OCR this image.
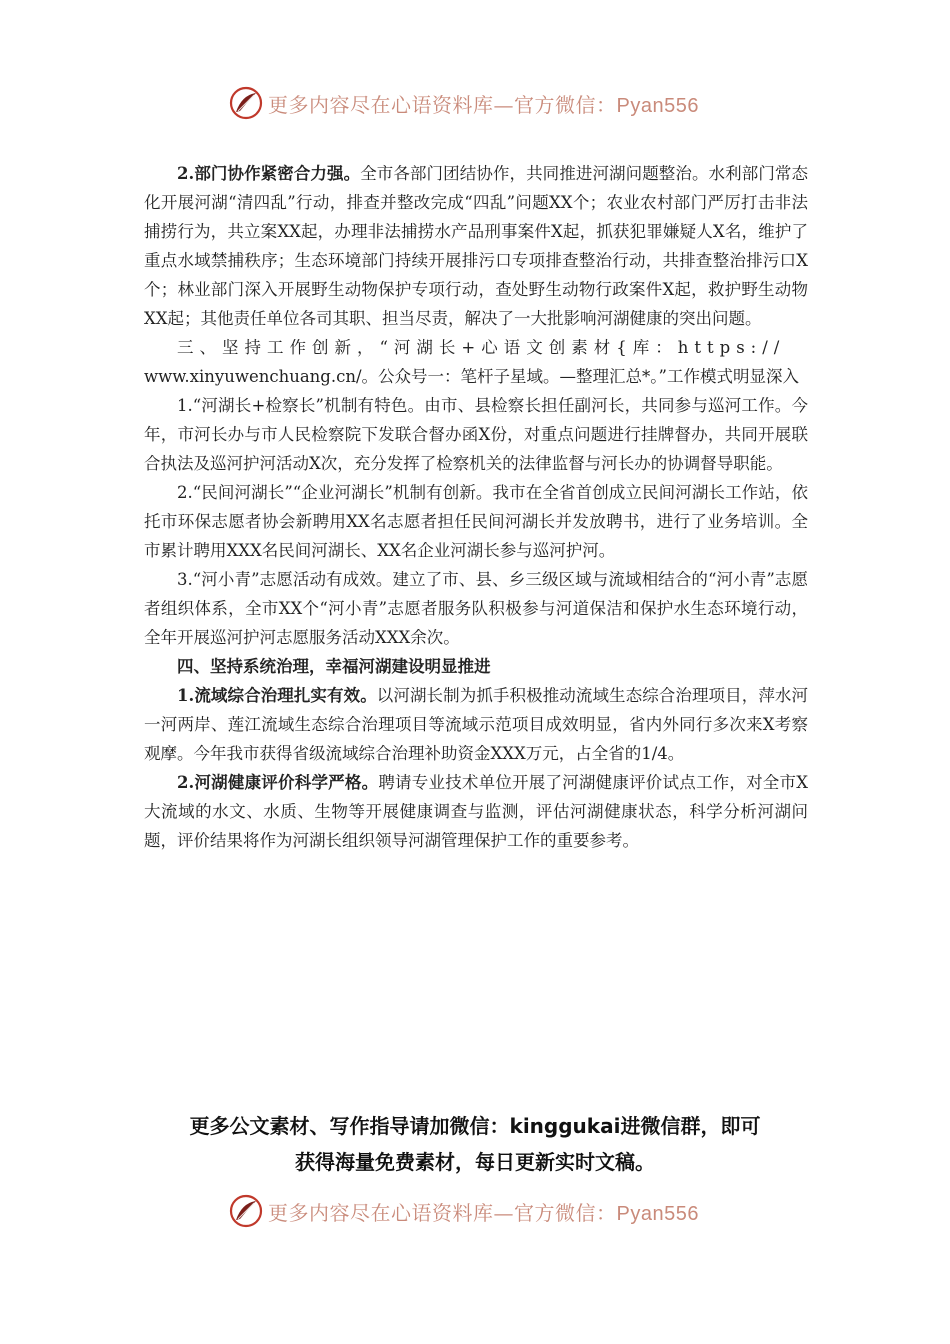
更多内容尽在心语资料库—官方微信：Pyan556

2.部门协作紧密合力强。全市各部门团结协作，共同推进河湖问题整治。水利部门常态化开展河湖“清四乱”行动，排查并整改完成“四乱”问题XX个；农业农村部门严厉打击非法捕捞行为，共立案XX起，办理非法捕捞水产品刑事案件X起，抓获犯罪嫌疑人X名，维护了重点水域禁捕秩序；生态环境部门持续开展排污口专项排查整治行动，共排查整治排污口X个；林业部门深入开展野生动物保护专项行动，查处野生动物行政案件X起，救护野生动物XX起；其他责任单位各司其职、担当尽责，解决了一大批影响河湖健康的突出问题。

三、坚持工作创新，“河湖长+心语文创素材{库：https://

www.xinyuwenchuang.cn/。公众号一：笔杆子星域。—整理汇总*。”工作模式明显深入

1.“河湖长+检察长”机制有特色。由市、县检察长担任副河长，共同参与巡河工作。今年，市河长办与市人民检察院下发联合督办函X份，对重点问题进行挂牌督办，共同开展联合执法及巡河护河活动X次，充分发挥了检察机关的法律监督与河长办的协调督导职能。

2.“民间河湖长”“企业河湖长”机制有创新。我市在全省首创成立民间河湖长工作站，依托市环保志愿者协会新聘用XX名志愿者担任民间河湖长并发放聘书，进行了业务培训。全市累计聘用XXX名民间河湖长、XX名企业河湖长参与巡河护河。

3.“河小青”志愿活动有成效。建立了市、县、乡三级区域与流域相结合的“河小青”志愿者组织体系，全市XX个“河小青”志愿者服务队积极参与河道保洁和保护水生态环境行动，全年开展巡河护河志愿服务活动XXX余次。

四、坚持系统治理，幸福河湖建设明显推进

1.流域综合治理扎实有效。以河湖长制为抓手积极推动流域生态综合治理项目，萍水河一河两岸、莲江流域生态综合治理项目等流域示范项目成效明显，省内外同行多次来X考察观摩。今年我市获得省级流域综合治理补助资金XXX万元，占全省的1/4。

2.河湖健康评价科学严格。聘请专业技术单位开展了河湖健康评价试点工作，对全市X大流域的水文、水质、生物等开展健康调查与监测，评估河湖健康状态，科学分析河湖问题，评价结果将作为河湖长组织领导河湖管理保护工作的重要参考。

更多公文素材、写作指导请加微信：kinggukai进微信群，即可
获得海量免费素材，每日更新实时文稿。
更多内容尽在心语资料库—官方微信：Pyan556
